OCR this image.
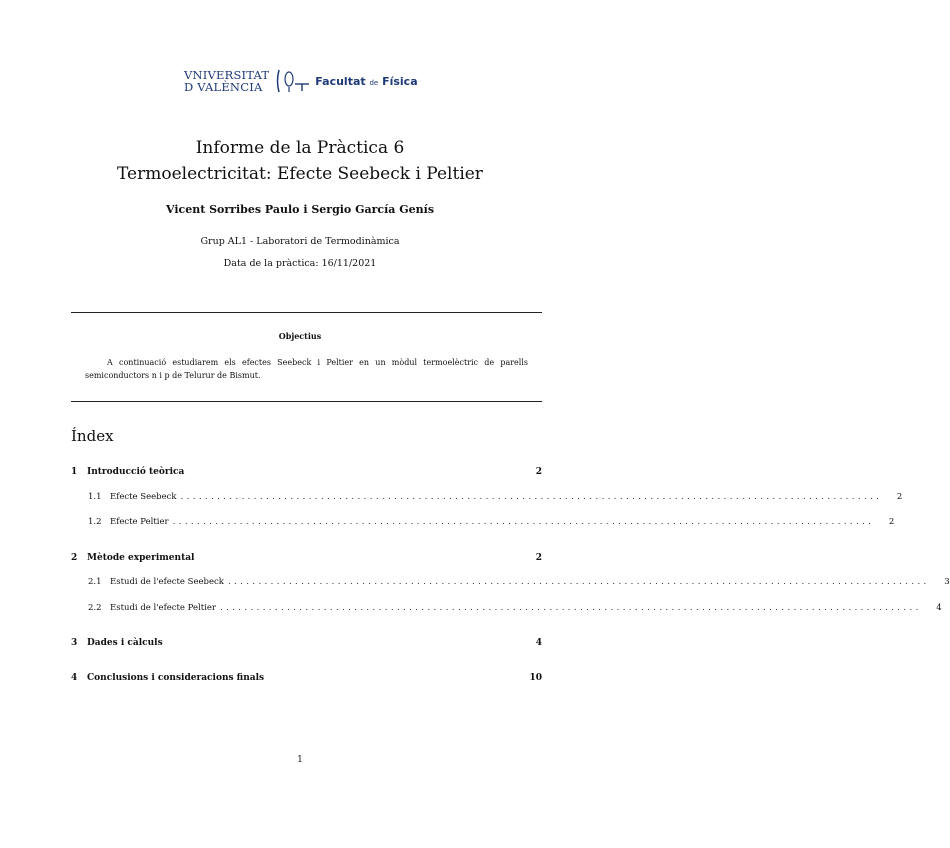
VNIVERSITAT
D VALÈNCIA	Facultat de Física
Informe de la Pràctica 6
Termoelectricitat: Efecte Seebeck i Peltier
Vicent Sorribes Paulo i Sergio García Genís
Grup AL1 - Laboratori de Termodinàmica
Data de la pràctica: 16/11/2021
Objectius
A continuació estudiarem els efectes Seebeck i Peltier en un mòdul termoelèctric de parells semiconductors n i p de Telurur de Bismut.
Índex
1	Introducció teòrica	2
1.1 Efecte Seebeck ...................................................................................................................	2
1.2 Efecte Peltier ...................................................................................................................	2
2	Mètode experimental	2
2.1 Estudi de l'efecte Seebeck ...................................................................................................................	3
2.2 Estudi de l'efecte Peltier ...................................................................................................................	4
3	Dades i càlculs	4
4	Conclusions i consideracions finals	10
1
